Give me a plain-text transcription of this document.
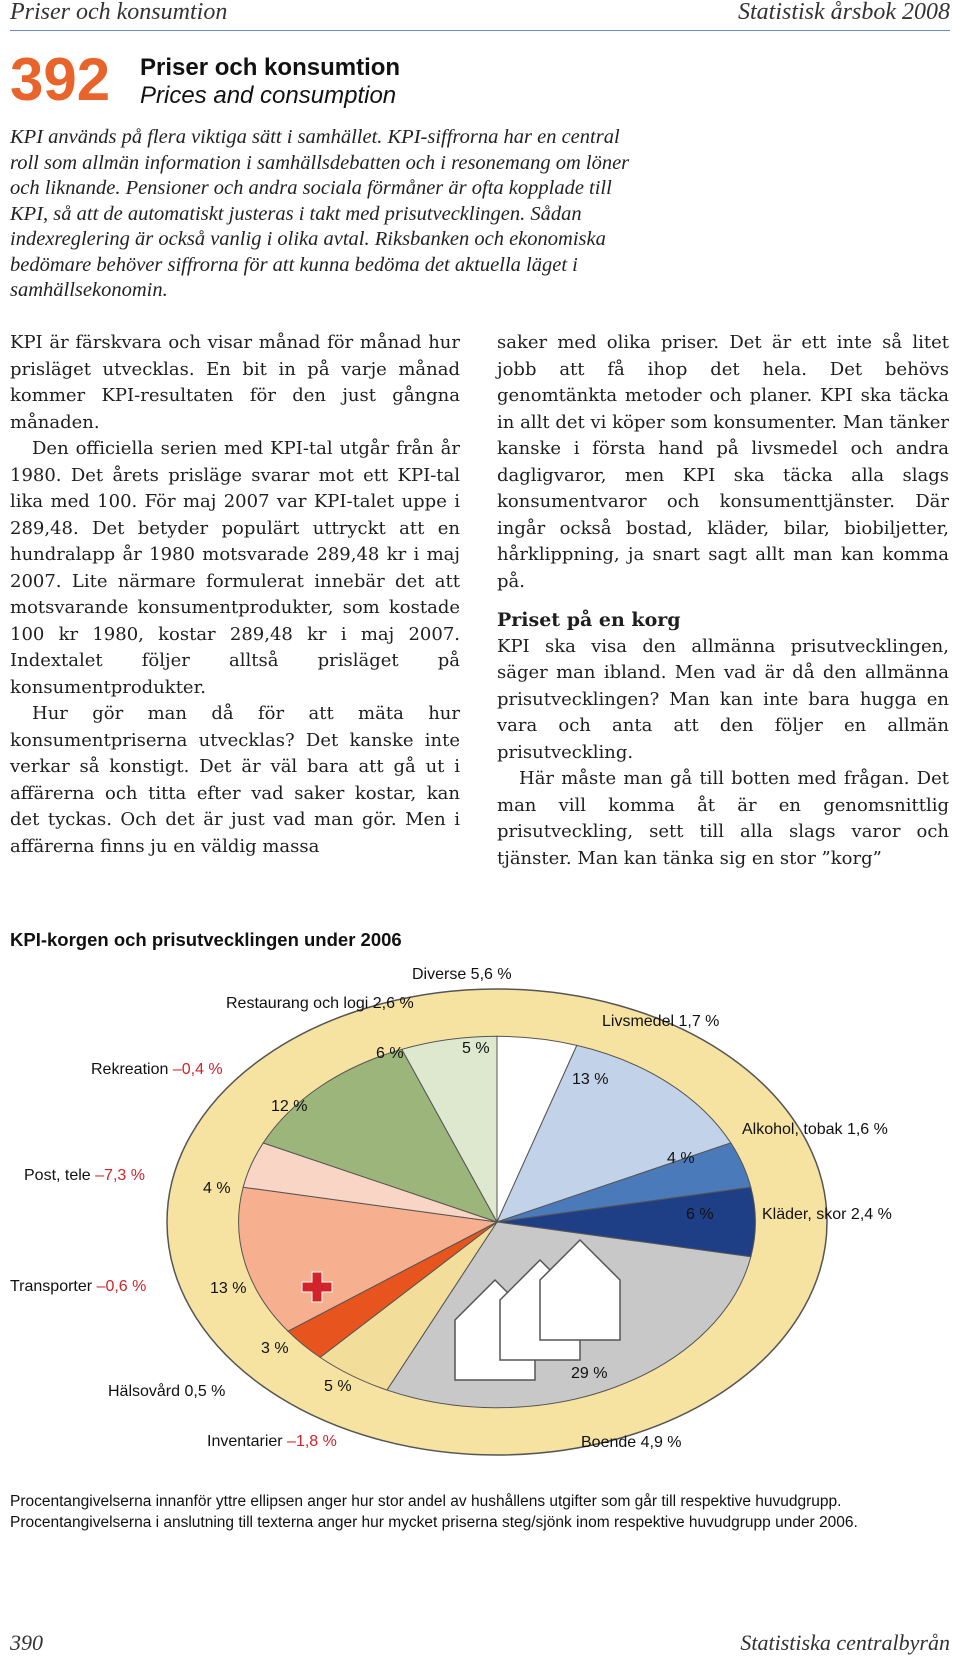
Priser och konsumtion	Statistisk årsbok 2008
392 Priser och konsumtion
Prices and consumption

KPI används på flera viktiga sätt i samhället. KPI-siffrorna har en central roll som allmän information i samhällsdebatten och i resonemang om löner och liknande. Pensioner och andra sociala förmåner är ofta kopplade till KPI, så att de automatiskt justeras i takt med prisutvecklingen. Sådan indexreglering är också vanlig i olika avtal. Riksbanken och ekonomiska bedömare behöver siffrorna för att kunna bedöma det aktuella läget i samhällsekonomin.

KPI är färskvara och visar månad för månad hur prisläget utvecklas. En bit in på varje månad kommer KPI-resultaten för den just gångna månaden.

Den officiella serien med KPI-tal utgår från år 1980. Det årets prisläge svarar mot ett KPI-tal lika med 100. För maj 2007 var KPI-talet uppe i 289,48. Det betyder populärt uttryckt att en hundralapp år 1980 motsvarade 289,48 kr i maj 2007. Lite närmare formulerat innebär det att motsvarande konsumentprodukter, som kostade 100 kr 1980, kostar 289,48 kr i maj 2007. Indextalet följer alltså prisläget på konsumentprodukter.

Hur gör man då för att mäta hur konsumentpriserna utvecklas? Det kanske inte verkar så konstigt. Det är väl bara att gå ut i affärerna och titta efter vad saker kostar, kan det tyckas. Och det är just vad man gör. Men i affärerna finns ju en väldig massa

saker med olika priser. Det är ett inte så litet jobb att få ihop det hela. Det behövs genomtänkta metoder och planer. KPI ska täcka in allt det vi köper som konsumenter. Man tänker kanske i första hand på livsmedel och andra dagligvaror, men KPI ska täcka alla slags konsumentvaror och konsumenttjänster. Där ingår också bostad, kläder, bilar, biobiljetter, hårklippning, ja snart sagt allt man kan komma på.

Priset på en korg

KPI ska visa den allmänna prisutvecklingen, säger man ibland. Men vad är då den allmänna prisutvecklingen? Man kan inte bara hugga en vara och anta att den följer en allmän prisutveckling.

Här måste man gå till botten med frågan. Det man vill komma åt är en genomsnittlig prisutveckling, sett till alla slags varor och tjänster. Man kan tänka sig en stor ”korg”

KPI-korgen och prisutvecklingen under 2006
Diverse 5,6 %
Restaurang och logi 2,6 %
Livsmedel 1,7 %
Rekreation –0,4 %
Alkohol, tobak 1,6 %
Post, tele –7,3 %
Kläder, skor 2,4 %
Transporter –0,6 %
Hälsovård 0,5 %
Inventarier –1,8 %	Boende 4,9 %
5 %
13 %
4 %
6 %
29 %
5 %
3 %
13 %
4 %
12 %
6 %
Procentangivelserna innanför yttre ellipsen anger hur stor andel av hushållens utgifter som går till respektive huvudgrupp. Procentangivelserna i anslutning till texterna anger hur mycket priserna steg/sjönk inom respektive huvudgrupp under 2006.
390	Statistiska centralbyrån
